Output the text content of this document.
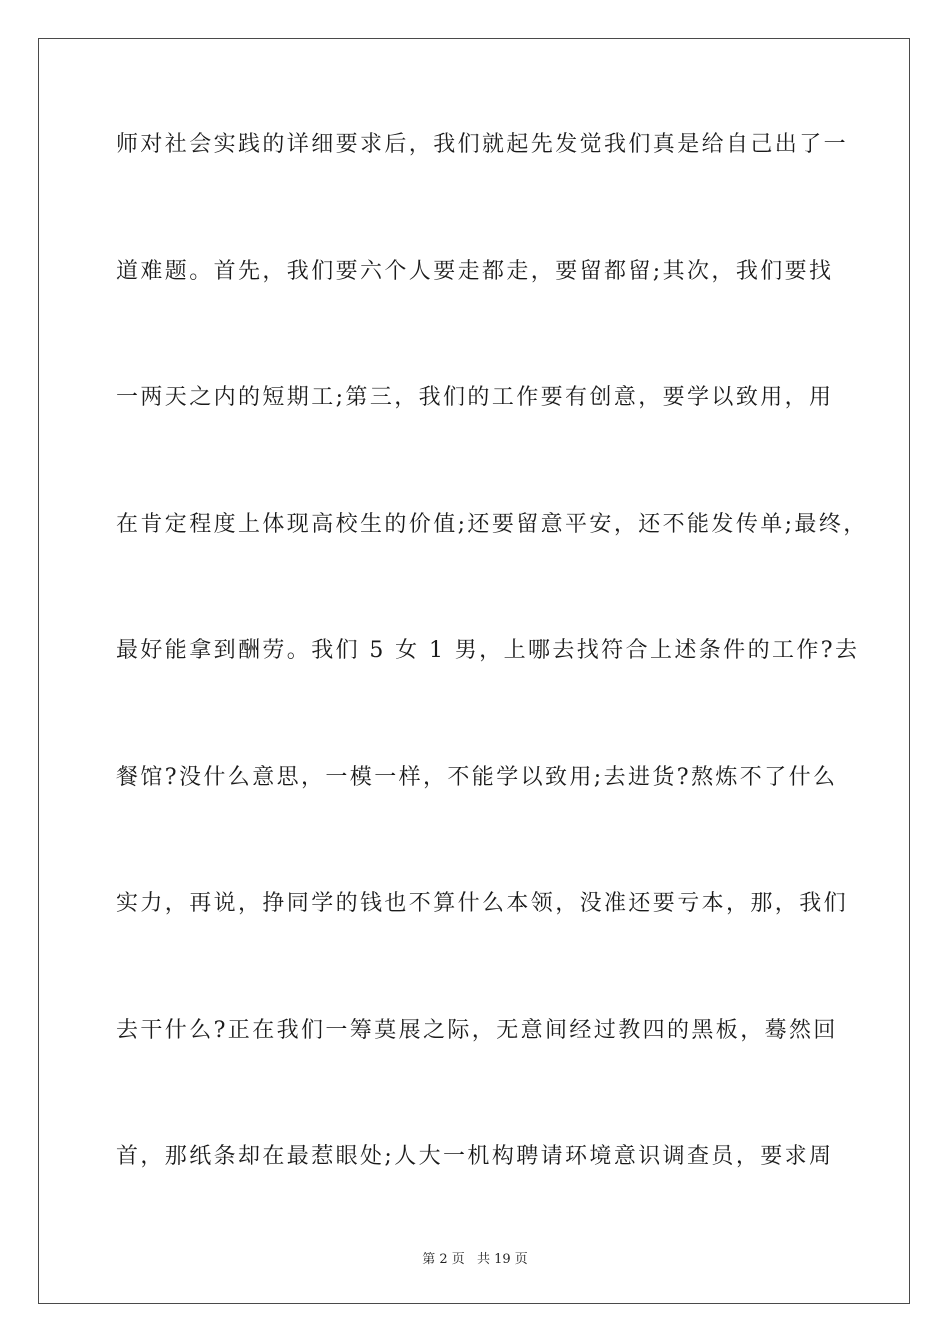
师对社会实践的详细要求后，我们就起先发觉我们真是给自己出了一
道难题。首先，我们要六个人要走都走，要留都留;其次，我们要找
一两天之内的短期工;第三，我们的工作要有创意，要学以致用，用
在肯定程度上体现高校生的价值;还要留意平安，还不能发传单;最终，
最好能拿到酬劳。我们 5 女 1 男，上哪去找符合上述条件的工作?去
餐馆?没什么意思，一模一样，不能学以致用;去进货?熬炼不了什么
实力，再说，挣同学的钱也不算什么本领，没准还要亏本，那，我们
去干什么?正在我们一筹莫展之际，无意间经过教四的黑板，蓦然回
首，那纸条却在最惹眼处;人大一机构聘请环境意识调查员，要求周
第 2 页 共 19 页
